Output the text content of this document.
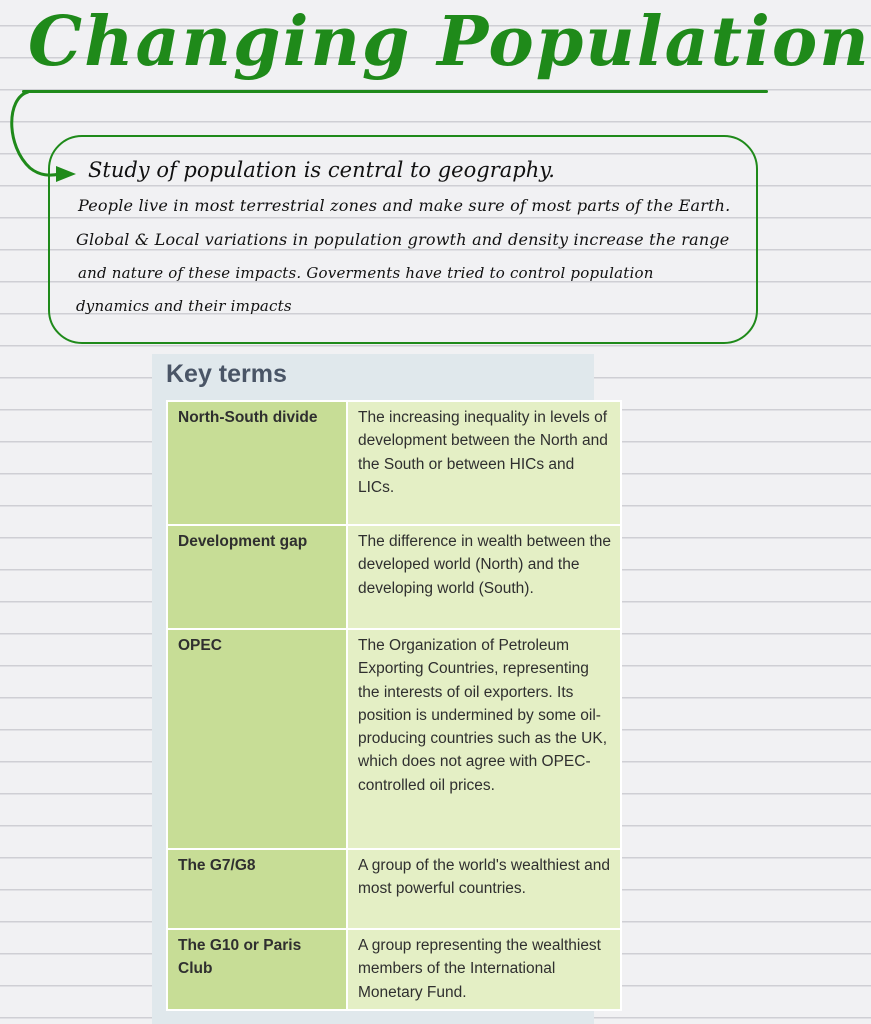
Changing Population

Study of population is central to geography.

People live in most terrestrial zones and make sure of most parts of the Earth.

Global & Local variations in population growth and density increase the range

and nature of these impacts. Goverments have tried to control population

dynamics and their impacts

Key terms
North-South divide	The increasing inequality in levels of development between the North and the South or between HICs and LICs.
Development gap	The difference in wealth between the developed world (North) and the developing world (South).
OPEC	The Organization of Petroleum Exporting Countries, representing the interests of oil exporters. Its position is undermined by some oil-producing countries such as the UK, which does not agree with OPEC-controlled oil prices.
The G7/G8	A group of the world's wealthiest and most powerful countries.
The G10 or Paris Club	A group representing the wealthiest members of the International Monetary Fund.
